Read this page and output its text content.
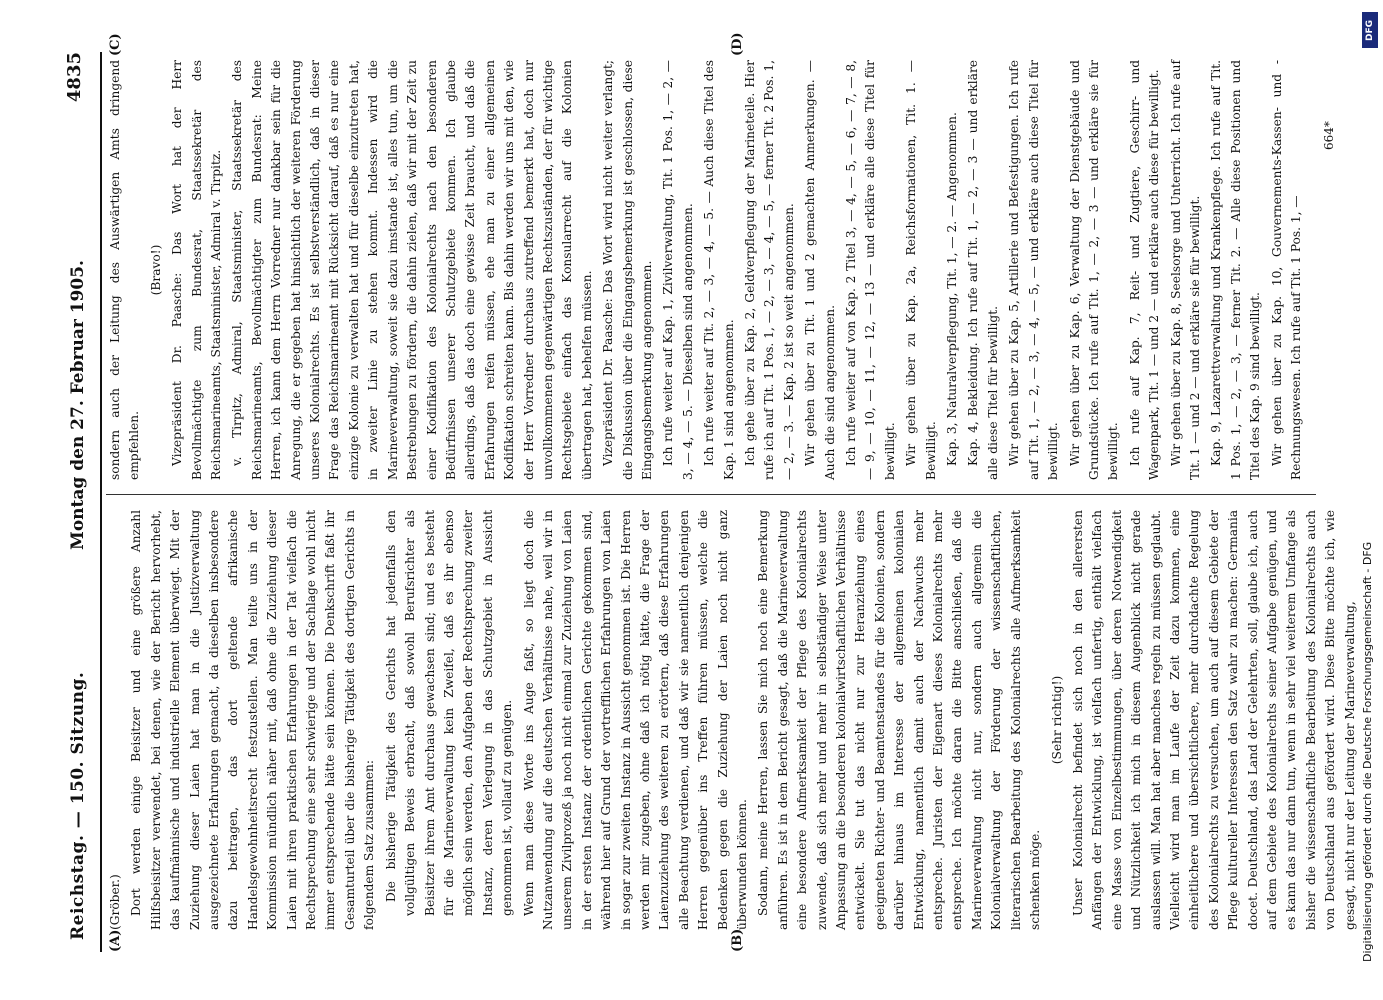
Reichstag. — 150. Sitzung.
Montag den 27. Februar 1905.
4835
(A)	(B)
(C)	(D)

(Gröber.) Dort werden einige Beisitzer und eine größere Anzahl Hilfsbeisitzer verwendet, bei denen, wie der Bericht hervorhebt, das kaufmännische und industrielle Element überwiegt. Mit der Zuziehung dieser Laien hat man in die Justizverwaltung ausgezeichnete Erfahrungen gemacht, da dieselben insbesondere dazu beitragen, das dort geltende afrikanische Handelsgewohnheitsrecht festzustellen. Man teilte uns in der Kommission mündlich näher mit, daß ohne die Zuziehung dieser Laien mit ihren praktischen Erfahrungen in der Tat vielfach die Rechtsprechung eine sehr schwierige und der Sachlage wohl nicht immer entsprechende hätte sein können. Die Denkschrift faßt ihr Gesamturteil über die bisherige Tätigkeit des dortigen Gerichts in folgendem Satz zusammen: Die bisherige Tätigkeit des Gerichts hat jedenfalls den vollgültigen Beweis erbracht, daß sowohl Berufsrichter als Beisitzer ihrem Amt durchaus gewachsen sind; und es besteht für die Marineverwaltung kein Zweifel, daß es ihr ebenso möglich sein werden, den Aufgaben der Rechtsprechung zweiter Instanz, deren Verlegung in das Schutzgebiet in Aussicht genommen ist, vollauf zu genügen. Wenn man diese Worte ins Auge faßt, so liegt doch die Nutzanwendung auf die deutschen Verhältnisse nahe, weil wir in unserem Zivilprozeß ja noch nicht einmal zur Zuziehung von Laien in der ersten Instanz der ordentlichen Gerichte gekommen sind, während hier auf Grund der vortrefflichen Erfahrungen von Laien in sogar zur zweiten Instanz in Aussicht genommen ist. Die Herren werden mir zugeben, ohne daß ich nötig hätte, die Frage der Laienzuziehung des weiteren zu erörtern, daß diese Erfahrungen alle Beachtung verdienen, und daß wir sie namentlich denjenigen Herren gegenüber ins Treffen führen müssen, welche die Bedenken gegen die Zuziehung der Laien noch nicht ganz überwunden können. Sodann, meine Herren, lassen Sie mich noch eine Bemerkung anführen. Es ist in dem Bericht gesagt, daß die Marineverwaltung eine besondere Aufmerksamkeit der Pflege des Kolonialrechts zuwende, daß sich mehr und mehr in selbständiger Weise unter Anpassung an die besonderen kolonialwirtschaftlichen Verhältnisse entwickelt. Sie tut das nicht nur zur Heranziehung eines geeigneten Richter- und Beamtenstandes für die Kolonien, sondern darüber hinaus im Interesse der allgemeinen kolonialen Entwicklung, namentlich damit auch der Nachwuchs mehr entspreche. Juristen der Eigenart dieses Kolonialrechts mehr entspreche. Ich möchte daran die Bitte anschließen, daß die Marineverwaltung nicht nur, sondern auch allgemein die Kolonialverwaltung der Förderung der wissenschaftlichen, literarischen Bearbeitung des Kolonialrechts alle Aufmerksamkeit schenken möge.

(Sehr richtig!) Unser Kolonialrecht befindet sich noch in den allerersten Anfängen der Entwicklung, ist vielfach unfertig, enthält vielfach eine Masse von Einzelbestimmungen, über deren Notwendigkeit und Nützlichkeit ich mich in diesem Augenblick nicht gerade auslassen will. Man hat aber manches regeln zu müssen geglaubt. Vielleicht wird man im Laufe der Zeit dazu kommen, eine einheitlichere und übersichtlichere, mehr durchdachte Regelung des Kolonialrechts zu versuchen, um auch auf diesem Gebiete der Pflege kultureller Interessen den Satz wahr zu machen: Germania docet. Deutschland, das Land der Gelehrten, soll, glaube ich, auch auf dem Gebiete des Kolonialrechts seiner Aufgabe genügen, und es kann das nur dann tun, wenn in sehr viel weiterem Umfange als bisher die wissenschaftliche Bearbeitung des Kolonialrechts auch von Deutschland aus gefördert wird. Diese Bitte möchte ich, wie gesagt, nicht nur der Leitung der Marineverwaltung,

sondern auch der Leitung des Auswärtigen Amts dringend empfehlen.

(Bravo!) Vizepräsident Dr. Paasche: Das Wort hat der Herr Bevollmächtigte zum Bundesrat, Staatssekretär des Reichsmarineamts, Staatsminister, Admiral v. Tirpitz. v. Tirpitz, Admiral, Staatsminister, Staatssekretär des Reichsmarineamts, Bevollmächtigter zum Bundesrat: Meine Herren, ich kann dem Herrn Vorredner nur dankbar sein für die Anregung, die er gegeben hat hinsichtlich der weiteren Förderung unseres Kolonialrechts. Es ist selbstverständlich, daß in dieser Frage das Reichsmarineamt mit Rücksicht darauf, daß es nur eine einzige Kolonie zu verwalten hat und für dieselbe einzutreten hat, in zweiter Linie zu stehen kommt. Indessen wird die Marineverwaltung, soweit sie dazu imstande ist, alles tun, um die Bestrebungen zu fördern, die dahin zielen, daß wir mit der Zeit zu einer Kodifikation des Kolonialrechts nach den besonderen Bedürfnissen unserer Schutzgebiete kommen. Ich glaube allerdings, daß das doch eine gewisse Zeit braucht, und daß die Erfahrungen reifen müssen, ehe man zu einer allgemeinen Kodifikation schreiten kann. Bis dahin werden wir uns mit den, wie der Herr Vorredner durchaus zutreffend bemerkt hat, doch nur unvollkommenen gegenwärtigen Rechtszuständen, der für wichtige Rechtsgebiete einfach das Konsularrecht auf die Kolonien übertragen hat, behelfen müssen. Vizepräsident Dr. Paasche: Das Wort wird nicht weiter verlangt; die Diskussion über die Eingangsbemerkung ist geschlossen, diese Eingangsbemerkung angenommen. Ich rufe weiter auf Kap. 1, Zivilverwaltung, Tit. 1 Pos. 1, — 2, — 3, — 4, — 5. — Dieselben sind angenommen. Ich rufe weiter auf Tit. 2, — 3, — 4, — 5. — Auch diese Titel des Kap. 1 sind angenommen. Ich gehe über zu Kap. 2, Geldverpflegung der Marineteile. Hier rufe ich auf Tit. 1 Pos. 1, — 2, — 3, — 4, — 5, — ferner Tit. 2 Pos. 1, — 2, — 3. — Kap. 2 ist so weit angenommen. Wir gehen über zu Tit. 1 und 2 gemachten Anmerkungen. — Auch die sind angenommen. Ich rufe weiter auf von Kap. 2 Titel 3, — 4, — 5, — 6, — 7, — 8, — 9, — 10, — 11, — 12, — 13 — und erkläre alle diese Titel für bewilligt. Wir gehen über zu Kap. 2a, Reichsformationen, Tit. 1. — Bewilligt. Kap. 3, Naturalverpflegung, Tit. 1, — 2. — Angenommen. Kap. 4, Bekleidung. Ich rufe auf Tit. 1, — 2, — 3 — und erkläre alle diese Titel für bewilligt. Wir gehen über zu Kap. 5, Artillerie und Befestigungen. Ich rufe auf Tit. 1, — 2, — 3, — 4, — 5, — und erkläre auch diese Titel für bewilligt. Wir gehen über zu Kap. 6, Verwaltung der Dienstgebäude und Grundstücke. Ich rufe auf Tit. 1, — 2, — 3 — und erkläre sie für bewilligt. Ich rufe auf Kap. 7, Reit- und Zugtiere, Geschirr- und Wagenpark, Tit. 1 — und 2 — und erkläre auch diese für bewilligt. Wir gehen über zu Kap. 8, Seelsorge und Unterricht. Ich rufe auf Tit. 1 — und 2 — und erkläre sie für bewilligt. Kap. 9, Lazarettverwaltung und Krankenpflege. Ich rufe auf Tit. 1 Pos. 1, — 2, — 3, — ferner Tit. 2. — Alle diese Positionen und Titel des Kap. 9 sind bewilligt. Wir gehen über zu Kap. 10, Gouvernements-Kassen- und -Rechnungswesen. Ich rufe auf Tit. 1 Pos. 1, —

664*
DFG
Digitalisierung gefördert durch die Deutsche Forschungsgemeinschaft - DFG
